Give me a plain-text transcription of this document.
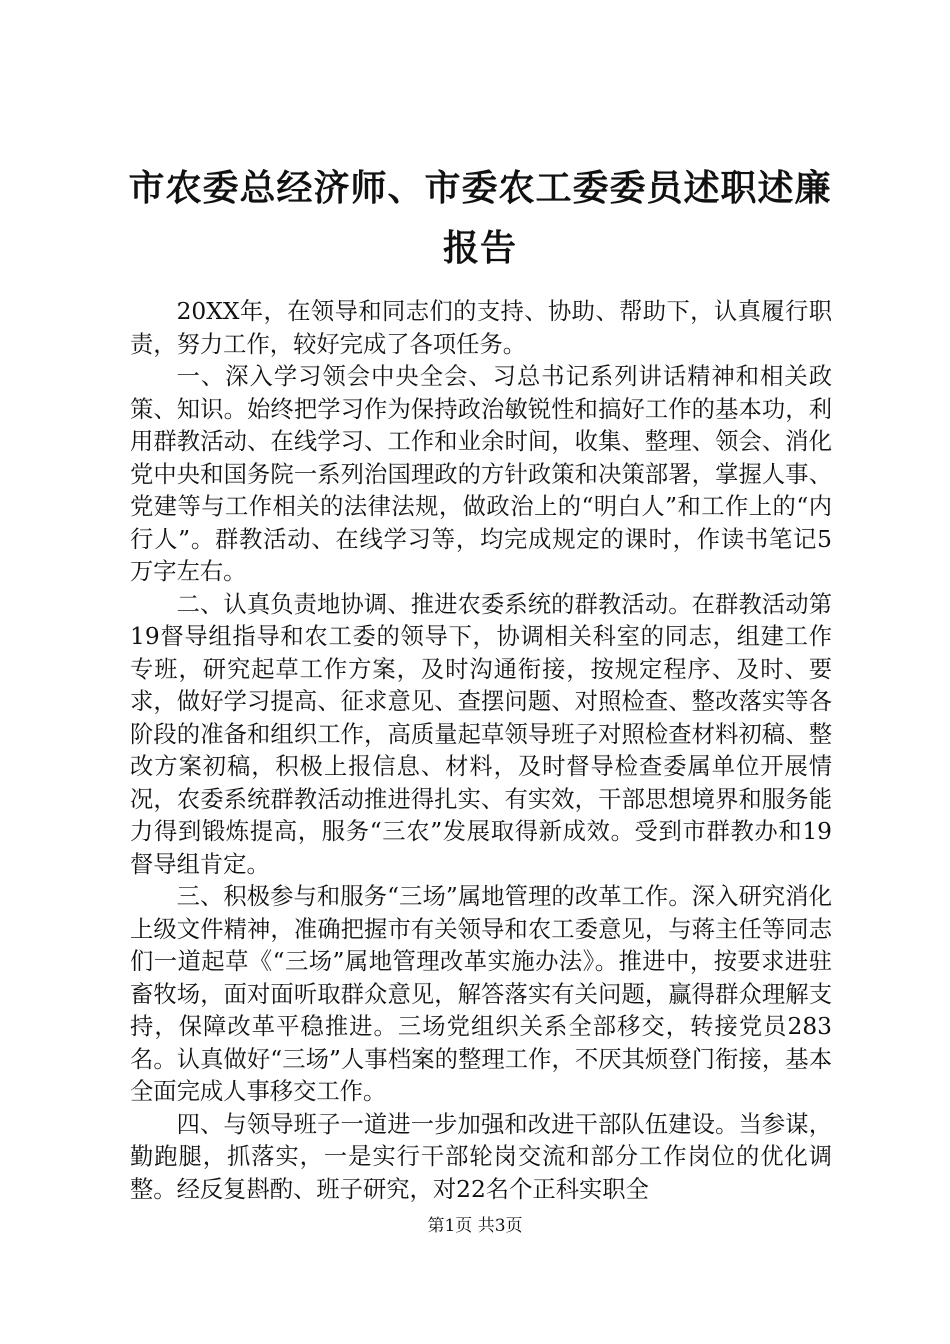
市农委总经济师、市委农工委委员述职述廉报告

20XX年，在领导和同志们的支持、协助、帮助下，认真履行职责，努力工作，较好完成了各项任务。

一、深入学习领会中央全会、习总书记系列讲话精神和相关政策、知识。始终把学习作为保持政治敏锐性和搞好工作的基本功，利用群教活动、在线学习、工作和业余时间，收集、整理、领会、消化党中央和国务院一系列治国理政的方针政策和决策部署，掌握人事、党建等与工作相关的法律法规，做政治上的“明白人”和工作上的“内行人”。群教活动、在线学习等，均完成规定的课时，作读书笔记5万字左右。

二、认真负责地协调、推进农委系统的群教活动。在群教活动第19督导组指导和农工委的领导下，协调相关科室的同志，组建工作专班，研究起草工作方案，及时沟通衔接，按规定程序、及时、要求，做好学习提高、征求意见、查摆问题、对照检查、整改落实等各阶段的准备和组织工作，高质量起草领导班子对照检查材料初稿、整改方案初稿，积极上报信息、材料，及时督导检查委属单位开展情况，农委系统群教活动推进得扎实、有实效，干部思想境界和服务能力得到锻炼提高，服务“三农”发展取得新成效。受到市群教办和19督导组肯定。

三、积极参与和服务“三场”属地管理的改革工作。深入研究消化上级文件精神，准确把握市有关领导和农工委意见，与蒋主任等同志们一道起草《“三场”属地管理改革实施办法》。推进中，按要求进驻畜牧场，面对面听取群众意见，解答落实有关问题，赢得群众理解支持，保障改革平稳推进。三场党组织关系全部移交，转接党员283名。认真做好“三场”人事档案的整理工作，不厌其烦登门衔接，基本全面完成人事移交工作。

四、与领导班子一道进一步加强和改进干部队伍建设。当参谋，勤跑腿，抓落实，一是实行干部轮岗交流和部分工作岗位的优化调整。经反复斟酌、班子研究，对22名个正科实职全

第1页 共3页
